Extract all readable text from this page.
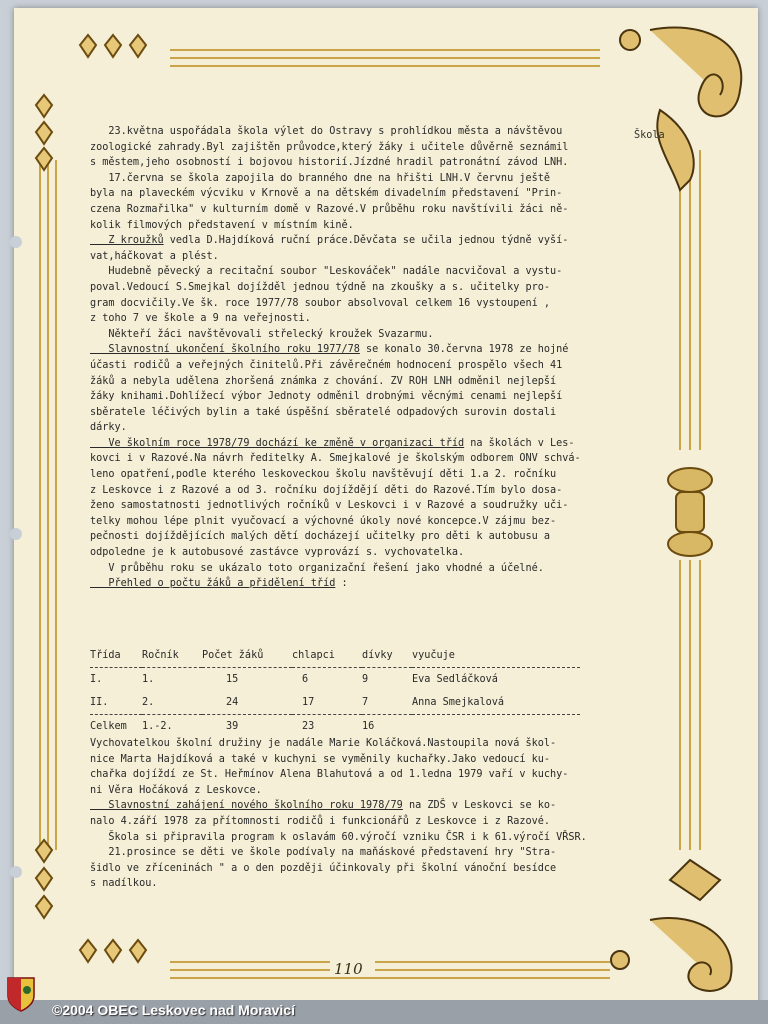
Škola

23.května uspořádala škola výlet do Ostravy s prohlídkou města a návštěvou
zoologické zahrady.Byl zajištěn průvodce,který žáky i učitele důvěrně seznámil
s městem,jeho osobností i bojovou historií.Jízdné hradil patronátní závod LNH.
17.června se škola zapojila do branného dne na hřišti LNH.V červnu ještě
byla na plaveckém výcviku v Krnově a na dětském divadelním představení "Prin-
czena Rozmařilka" v kulturním domě v Razové.V průběhu roku navštívili žáci ně-
kolik filmových představení v místním kině.

Z kroužků vedla D.Hajdíková ruční práce.Děvčata se učila jednou týdně vyší-
vat,háčkovat a plést.

Hudebně pěvecký a recitační soubor "Leskováček" nadále nacvičoval a vystu-
poval.Vedoucí S.Smejkal dojížděl jednou týdně na zkoušky a s. učitelky pro-
gram docvičily.Ve šk. roce 1977/78 soubor absolvoval celkem 16 vystoupení ,
z toho 7 ve škole a 9 na veřejnosti.
Někteří žáci navštěvovali střelecký kroužek Svazarmu.

Slavnostní ukončení školního roku 1977/78 se konalo 30.června 1978 ze hojné
účasti rodičů a veřejných činitelů.Při závěrečném hodnocení prospělo všech 41
žáků a nebyla udělena zhoršená známka z chování. ZV ROH LNH odměnil nejlepší
žáky knihami.Dohlížecí výbor Jednoty odměnil drobnými věcnými cenami nejlepší
sběratele léčivých bylin a také úspěšní sběratelé odpadových surovin dostali
dárky.

Ve školním roce 1978/79 dochází ke změně v organizaci tříd na školách v Les-
kovci i v Razové.Na návrh ředitelky A. Smejkalové je školským odborem ONV schvá-
leno opatření,podle kterého leskoveckou školu navštěvují děti 1.a 2. ročníku
z Leskovce i z Razové a od 3. ročníku dojíždějí děti do Razové.Tím bylo dosa-
ženo samostatnosti jednotlivých ročníků v Leskovci i v Razové a soudružky uči-
telky mohou lépe plnit vyučovací a výchovné úkoly nové koncepce.V zájmu bez-
pečnosti dojíždějících malých dětí docházejí učitelky pro děti k autobusu a
odpoledne je k autobusové zastávce vyprovází s. vychovatelka.
V průběhu roku se ukázalo toto organizační řešení jako vhodné a účelné.

Přehled o počtu žáků a přidělení tříd :

Třída	Ročník	Počet žáků	chlapci	dívky	vyučuje
I.	1.	15	6	9	Eva Sedláčková
II.	2.	24	17	7	Anna Smejkalová
Celkem	1.-2.	39	23	16	

Vychovatelkou školní družiny je nadále Marie Koláčková.Nastoupila nová škol-
nice Marta Hajdíková a také v kuchyni se vyměnily kuchařky.Jako vedoucí ku-
chařka dojíždí ze St. Heřmínov Alena Blahutová a od 1.ledna 1979 vaří v kuchy-
ni Věra Hočáková z Leskovce.

Slavnostní zahájení nového školního roku 1978/79 na ZDŠ v Leskovci se ko-
nalo 4.září 1978 za přítomnosti rodičů i funkcionářů z Leskovce i z Razové.
Škola si připravila program k oslavám 60.výročí vzniku ČSR i k 61.výročí VŘSR.
21.prosince se děti ve škole podívaly na maňáskové představení hry "Stra-
šidlo ve zříceninách " a o den později účinkovaly při školní vánoční besídce
s nadílkou.

110
©2004 OBEC Leskovec nad Moravicí
